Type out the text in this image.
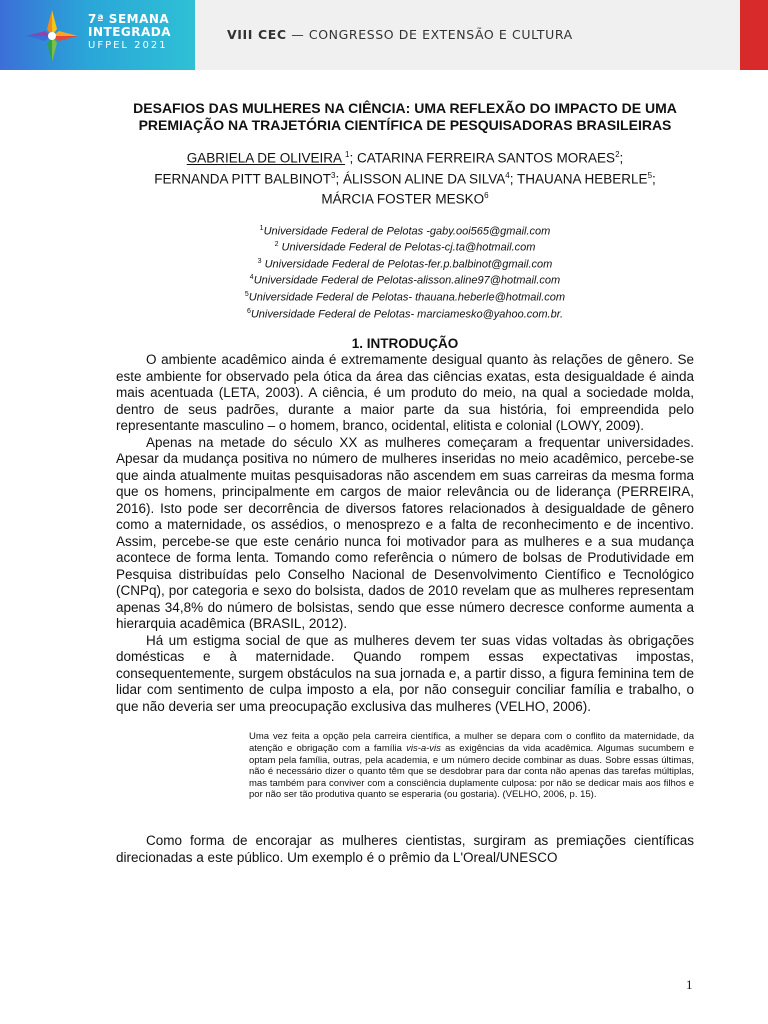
7ª SEMANA
INTEGRADA
UFPEL 2021
VIII CEC — CONGRESSO DE EXTENSÃO E CULTURA
DESAFIOS DAS MULHERES NA CIÊNCIA: UMA REFLEXÃO DO IMPACTO DE UMA PREMIAÇÃO NA TRAJETÓRIA CIENTÍFICA DE PESQUISADORAS BRASILEIRAS
GABRIELA DE OLIVEIRA $^1$; CATARINA FERREIRA SANTOS MORAES$^2$;
FERNANDA PITT BALBINOT$^3$; ÁLISSON ALINE DA SILVA$^4$; THAUANA HEBERLE$^5$;
MÁRCIA FOSTER MESKO$^6$
$^1$Universidade Federal de Pelotas -gaby.ooi565@gmail.com
$^2$ Universidade Federal de Pelotas-cj.ta@hotmail.com
$^3$ Universidade Federal de Pelotas-fer.p.balbinot@gmail.com
$^4$Universidade Federal de Pelotas-alisson.aline97@hotmail.com
$^5$Universidade Federal de Pelotas- thauana.heberle@hotmail.com
$^6$Universidade Federal de Pelotas- marciamesko@yahoo.com.br.
1. INTRODUÇÃO

O ambiente acadêmico ainda é extremamente desigual quanto às relações de gênero. Se este ambiente for observado pela ótica da área das ciências exatas, esta desigualdade é ainda mais acentuada (LETA, 2003). A ciência, é um produto do meio, na qual a sociedade molda, dentro de seus padrões, durante a maior parte da sua história, foi empreendida pelo representante masculino – o homem, branco, ocidental, elitista e colonial (LOWY, 2009).

Apenas na metade do século XX as mulheres começaram a frequentar universidades. Apesar da mudança positiva no número de mulheres inseridas no meio acadêmico, percebe-se que ainda atualmente muitas pesquisadoras não ascendem em suas carreiras da mesma forma que os homens, principalmente em cargos de maior relevância ou de liderança (PERREIRA, 2016). Isto pode ser decorrência de diversos fatores relacionados à desigualdade de gênero como a maternidade, os assédios, o menosprezo e a falta de reconhecimento e de incentivo. Assim, percebe-se que este cenário nunca foi motivador para as mulheres e a sua mudança acontece de forma lenta. Tomando como referência o número de bolsas de Produtividade em Pesquisa distribuídas pelo Conselho Nacional de Desenvolvimento Científico e Tecnológico (CNPq), por categoria e sexo do bolsista, dados de 2010 revelam que as mulheres representam apenas 34,8% do número de bolsistas, sendo que esse número decresce conforme aumenta a hierarquia acadêmica (BRASIL, 2012).

Há um estigma social de que as mulheres devem ter suas vidas voltadas às obrigações domésticas e à maternidade. Quando rompem essas expectativas impostas, consequentemente, surgem obstáculos na sua jornada e, a partir disso, a figura feminina tem de lidar com sentimento de culpa imposto a ela, por não conseguir conciliar família e trabalho, o que não deveria ser uma preocupação exclusiva das mulheres (VELHO, 2006).

Uma vez feita a opção pela carreira científica, a mulher se depara com o conflito da maternidade, da atenção e obrigação com a família vis-a-vis as exigências da vida acadêmica. Algumas sucumbem e optam pela família, outras, pela academia, e um número decide combinar as duas. Sobre essas últimas, não é necessário dizer o quanto têm que se desdobrar para dar conta não apenas das tarefas múltiplas, mas também para conviver com a consciência duplamente culposa: por não se dedicar mais aos filhos e por não ser tão produtiva quanto se esperaria (ou gostaria). (VELHO, 2006, p. 15).

Como forma de encorajar as mulheres cientistas, surgiram as premiações científicas direcionadas a este público. Um exemplo é o prêmio da L'Oreal/UNESCO

1
